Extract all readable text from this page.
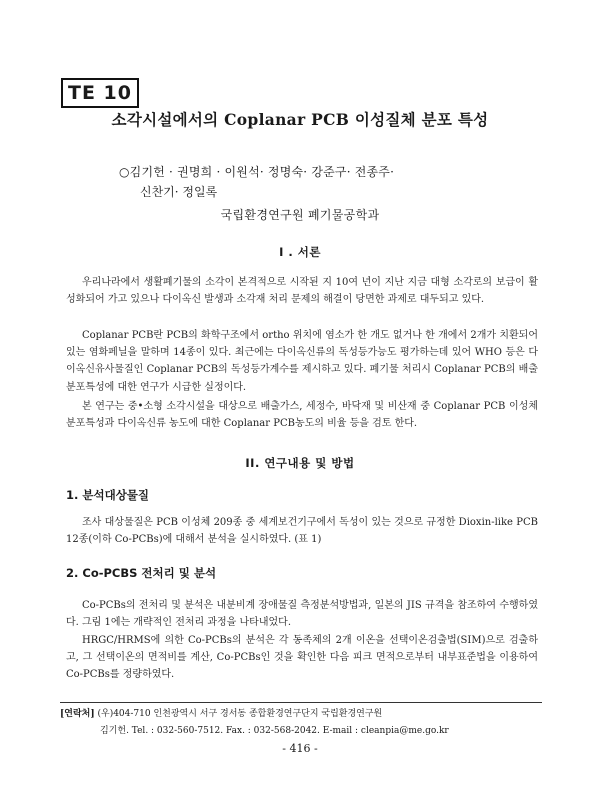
TE 10
소각시설에서의 Coplanar PCB 이성질체 분포 특성
○김기헌 · 권명희 · 이원석· 정명숙· 강준구· 전종주·
신찬기· 정일록
국립환경연구원 폐기물공학과
I . 서론

우리나라에서 생활폐기물의 소각이 본격적으로 시작된 지 10여 년이 지난 지금 대형 소각로의 보급이 활성화되어 가고 있으나 다이옥신 발생과 소각재 처리 문제의 해결이 당면한 과제로 대두되고 있다.

Coplanar PCB란 PCB의 화학구조에서 ortho 위치에 염소가 한 개도 없거나 한 개에서 2개가 치환되어 있는 염화페닐을 말하며 14종이 있다. 최근에는 다이옥신류의 독성등가능도 평가하는데 있어 WHO 등은 다이옥신유사물질인 Coplanar PCB의 독성등가계수를 제시하고 있다. 폐기물 처리시 Coplanar PCB의 배출 분포특성에 대한 연구가 시급한 실정이다.

본 연구는 중•소형 소각시설을 대상으로 배출가스, 세정수, 바닥재 및 비산재 중 Coplanar PCB 이성체 분포특성과 다이옥신류 농도에 대한 Coplanar PCB농도의 비율 등을 검토 한다.

II. 연구내용 및 방법
1. 분석대상물질

조사 대상물질은 PCB 이성체 209종 중 세계보건기구에서 독성이 있는 것으로 규정한 Dioxin-like PCB 12종(이하 Co-PCBs)에 대해서 분석을 실시하였다. (표 1)

2. Co-PCBS 전처리 및 분석

Co-PCBs의 전처리 및 분석은 내분비계 장애물질 측정분석방법과, 일본의 JIS 규격을 참조하여 수행하였다. 그림 1에는 개략적인 전처리 과정을 나타내었다.

HRGC/HRMS에 의한 Co-PCBs의 분석은 각 동족체의 2개 이온을 선택이온검출법(SIM)으로 검출하고, 그 선택이온의 면적비를 계산, Co-PCBs인 것을 확인한 다음 피크 면적으로부터 내부표준법을 이용하여 Co-PCBs를 정량하였다.

[연락처] (우)404-710 인천광역시 서구 경서동 종합환경연구단지 국립환경연구원
김기헌. Tel. : 032-560-7512. Fax. : 032-568-2042. E-mail : cleanpia@me.go.kr
- 416 -
